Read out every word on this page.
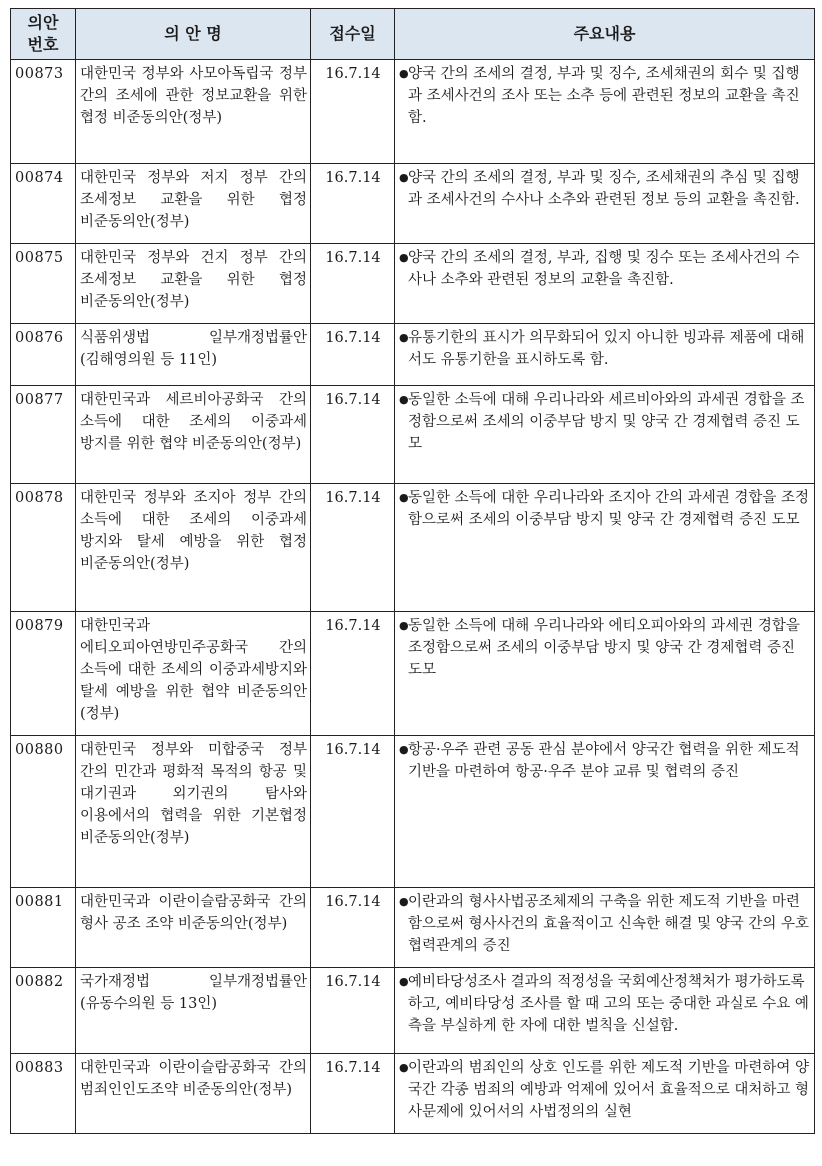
의안
번호	의 안 명	접수일	주요내용
00873	대한민국 정부와 사모아독립국 정부 간의 조세에 관한 정보교환을 위한 협정 비준동의안(정부)	16.7.14	● 양국 간의 조세의 결정, 부과 및 징수, 조세채권의 회수 및 집행과 조세사건의 조사 또는 소추 등에 관련된 정보의 교환을 촉진함.

00874	대한민국 정부와 저지 정부 간의 조세정보 교환을 위한 협정 비준동의안(정부)	16.7.14	● 양국 간의 조세의 결정, 부과 및 징수, 조세채권의 추심 및 집행과 조세사건의 수사나 소추와 관련된 정보 등의 교환을 촉진함.

00875	대한민국 정부와 건지 정부 간의 조세정보 교환을 위한 협정 비준동의안(정부)	16.7.14	● 양국 간의 조세의 결정, 부과, 집행 및 징수 또는 조세사건의 수사나 소추와 관련된 정보의 교환을 촉진함.

00876	식품위생법 일부개정법률안(김해영의원 등 11인)	16.7.14	● 유통기한의 표시가 의무화되어 있지 아니한 빙과류 제품에 대해서도 유통기한을 표시하도록 함.

00877	대한민국과 세르비아공화국 간의 소득에 대한 조세의 이중과세 방지를 위한 협약 비준동의안(정부)	16.7.14	● 동일한 소득에 대해 우리나라와 세르비아와의 과세권 경합을 조정함으로써 조세의 이중부담 방지 및 양국 간 경제협력 증진 도모

00878	대한민국 정부와 조지아 정부 간의 소득에 대한 조세의 이중과세 방지와 탈세 예방을 위한 협정 비준동의안(정부)	16.7.14	● 동일한 소득에 대한 우리나라와 조지아 간의 과세권 경합을 조정함으로써 조세의 이중부담 방지 및 양국 간 경제협력 증진 도모

00879	대한민국과 에티오피아연방민주공화국 간의 소득에 대한 조세의 이중과세방지와 탈세 예방을 위한 협약 비준동의안(정부)	16.7.14	● 동일한 소득에 대해 우리나라와 에티오피아와의 과세권 경합을 조정함으로써 조세의 이중부담 방지 및 양국 간 경제협력 증진 도모

00880	대한민국 정부와 미합중국 정부 간의 민간과 평화적 목적의 항공 및 대기권과 외기권의 탐사와 이용에서의 협력을 위한 기본협정 비준동의안(정부)	16.7.14	● 항공·우주 관련 공동 관심 분야에서 양국간 협력을 위한 제도적 기반을 마련하여 항공·우주 분야 교류 및 협력의 증진

00881	대한민국과 이란이슬람공화국 간의 형사 공조 조약 비준동의안(정부)	16.7.14	● 이란과의 형사사법공조체제의 구축을 위한 제도적 기반을 마련함으로써 형사사건의 효율적이고 신속한 해결 및 양국 간의 우호협력관계의 증진

00882	국가재정법 일부개정법률안(유동수의원 등 13인)	16.7.14	● 예비타당성조사 결과의 적정성을 국회예산정책처가 평가하도록 하고, 예비타당성 조사를 할 때 고의 또는 중대한 과실로 수요 예측을 부실하게 한 자에 대한 벌칙을 신설함.

00883	대한민국과 이란이슬람공화국 간의 범죄인인도조약 비준동의안(정부)	16.7.14	● 이란과의 범죄인의 상호 인도를 위한 제도적 기반을 마련하여 양국간 각종 범죄의 예방과 억제에 있어서 효율적으로 대처하고 형사문제에 있어서의 사법정의의 실현
